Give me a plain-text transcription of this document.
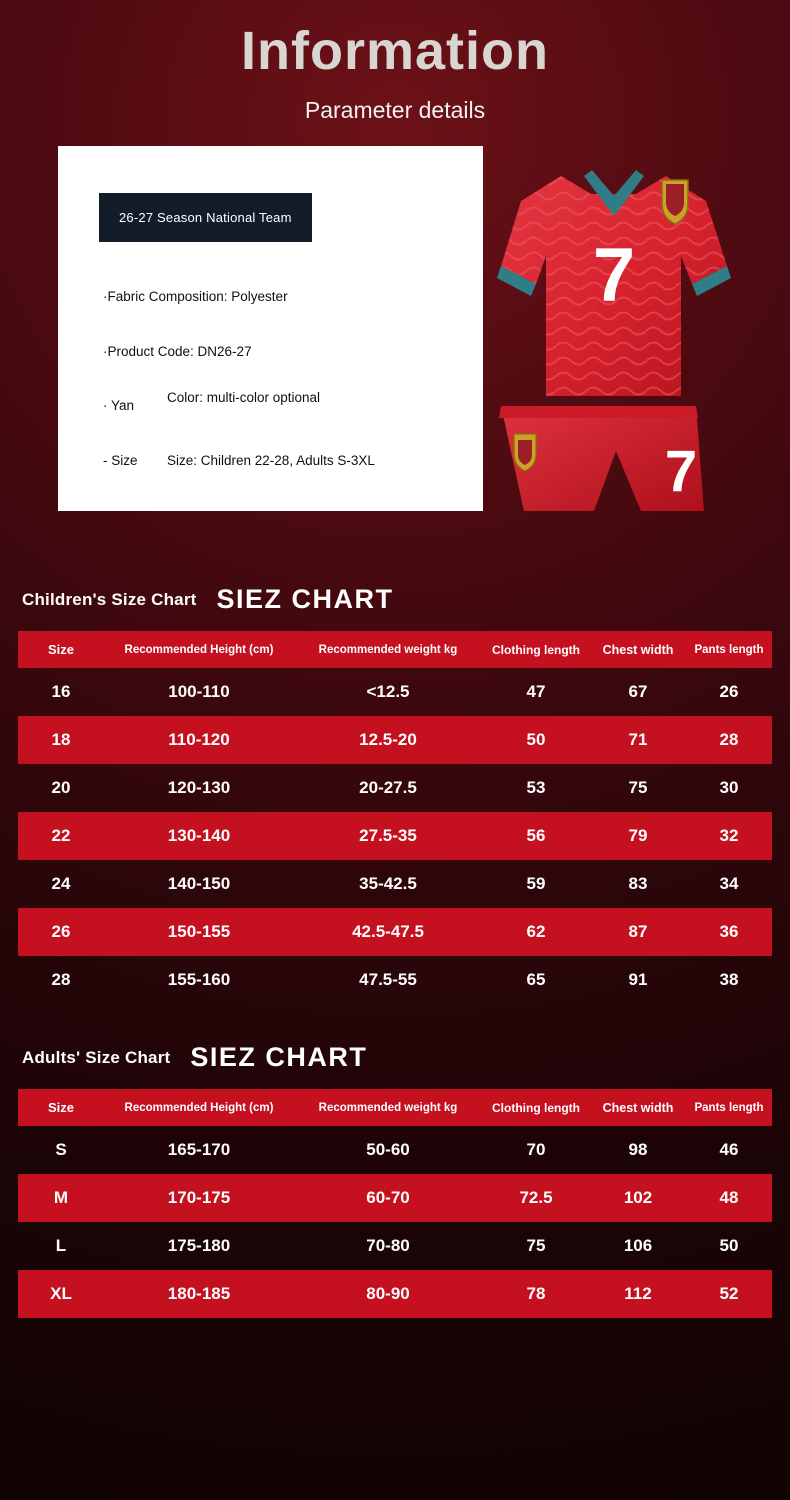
Information
Parameter details
26-27 Season National Team
·Fabric Composition: Polyester
·Product Code: DN26-27
· Yan
Color: multi-color optional
- Size Size: Children 22-28, Adults S-3XL
7
7
Children's Size Chart SIEZ CHART
Size	Recommended Height (cm)	Recommended weight kg	Clothing length	Chest width	Pants length
16	100-110	<12.5	47	67	26
18	110-120	12.5-20	50	71	28
20	120-130	20-27.5	53	75	30
22	130-140	27.5-35	56	79	32
24	140-150	35-42.5	59	83	34
26	150-155	42.5-47.5	62	87	36
28	155-160	47.5-55	65	91	38
Adults' Size Chart SIEZ CHART
Size	Recommended Height (cm)	Recommended weight kg	Clothing length	Chest width	Pants length
S	165-170	50-60	70	98	46
M	170-175	60-70	72.5	102	48
L	175-180	70-80	75	106	50
XL	180-185	80-90	78	112	52
